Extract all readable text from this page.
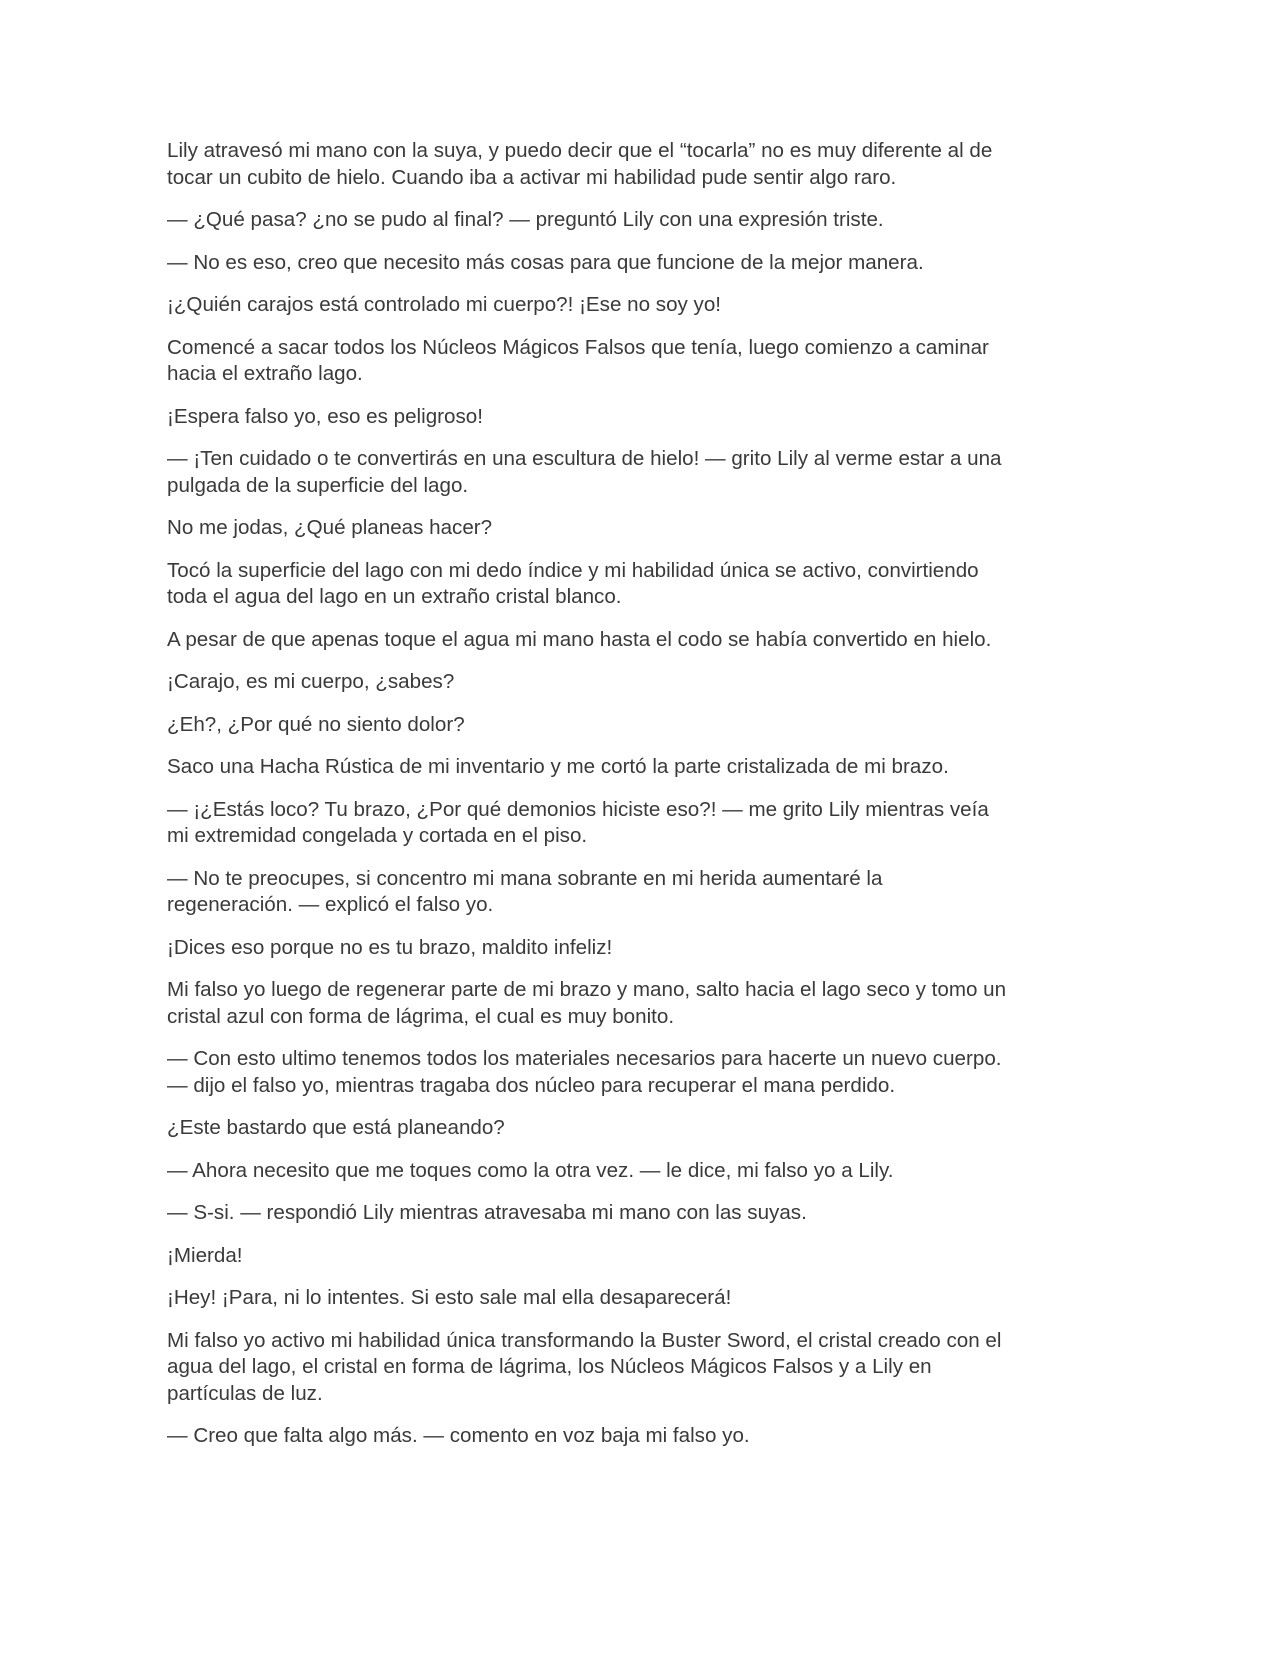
Lily atravesó mi mano con la suya, y puedo decir que el “tocarla” no es muy diferente al de tocar un cubito de hielo. Cuando iba a activar mi habilidad pude sentir algo raro.

— ¿Qué pasa? ¿no se pudo al final? — preguntó Lily con una expresión triste.

— No es eso, creo que necesito más cosas para que funcione de la mejor manera.

¡¿Quién carajos está controlado mi cuerpo?! ¡Ese no soy yo!

Comencé a sacar todos los Núcleos Mágicos Falsos que tenía, luego comienzo a caminar hacia el extraño lago.

¡Espera falso yo, eso es peligroso!

— ¡Ten cuidado o te convertirás en una escultura de hielo! — grito Lily al verme estar a una pulgada de la superficie del lago.

No me jodas, ¿Qué planeas hacer?

Tocó la superficie del lago con mi dedo índice y mi habilidad única se activo, convirtiendo toda el agua del lago en un extraño cristal blanco.

A pesar de que apenas toque el agua mi mano hasta el codo se había convertido en hielo.

¡Carajo, es mi cuerpo, ¿sabes?

¿Eh?, ¿Por qué no siento dolor?

Saco una Hacha Rústica de mi inventario y me cortó la parte cristalizada de mi brazo.

— ¡¿Estás loco? Tu brazo, ¿Por qué demonios hiciste eso?! — me grito Lily mientras veía mi extremidad congelada y cortada en el piso.

— No te preocupes, si concentro mi mana sobrante en mi herida aumentaré la regeneración. — explicó el falso yo.

¡Dices eso porque no es tu brazo, maldito infeliz!

Mi falso yo luego de regenerar parte de mi brazo y mano, salto hacia el lago seco y tomo un cristal azul con forma de lágrima, el cual es muy bonito.

— Con esto ultimo tenemos todos los materiales necesarios para hacerte un nuevo cuerpo. — dijo el falso yo, mientras tragaba dos núcleo para recuperar el mana perdido.

¿Este bastardo que está planeando?

— Ahora necesito que me toques como la otra vez. — le dice, mi falso yo a Lily.

— S-si. — respondió Lily mientras atravesaba mi mano con las suyas.

¡Mierda!

¡Hey! ¡Para, ni lo intentes. Si esto sale mal ella desaparecerá!

Mi falso yo activo mi habilidad única transformando la Buster Sword, el cristal creado con el agua del lago, el cristal en forma de lágrima, los Núcleos Mágicos Falsos y a Lily en partículas de luz.

— Creo que falta algo más. — comento en voz baja mi falso yo.
